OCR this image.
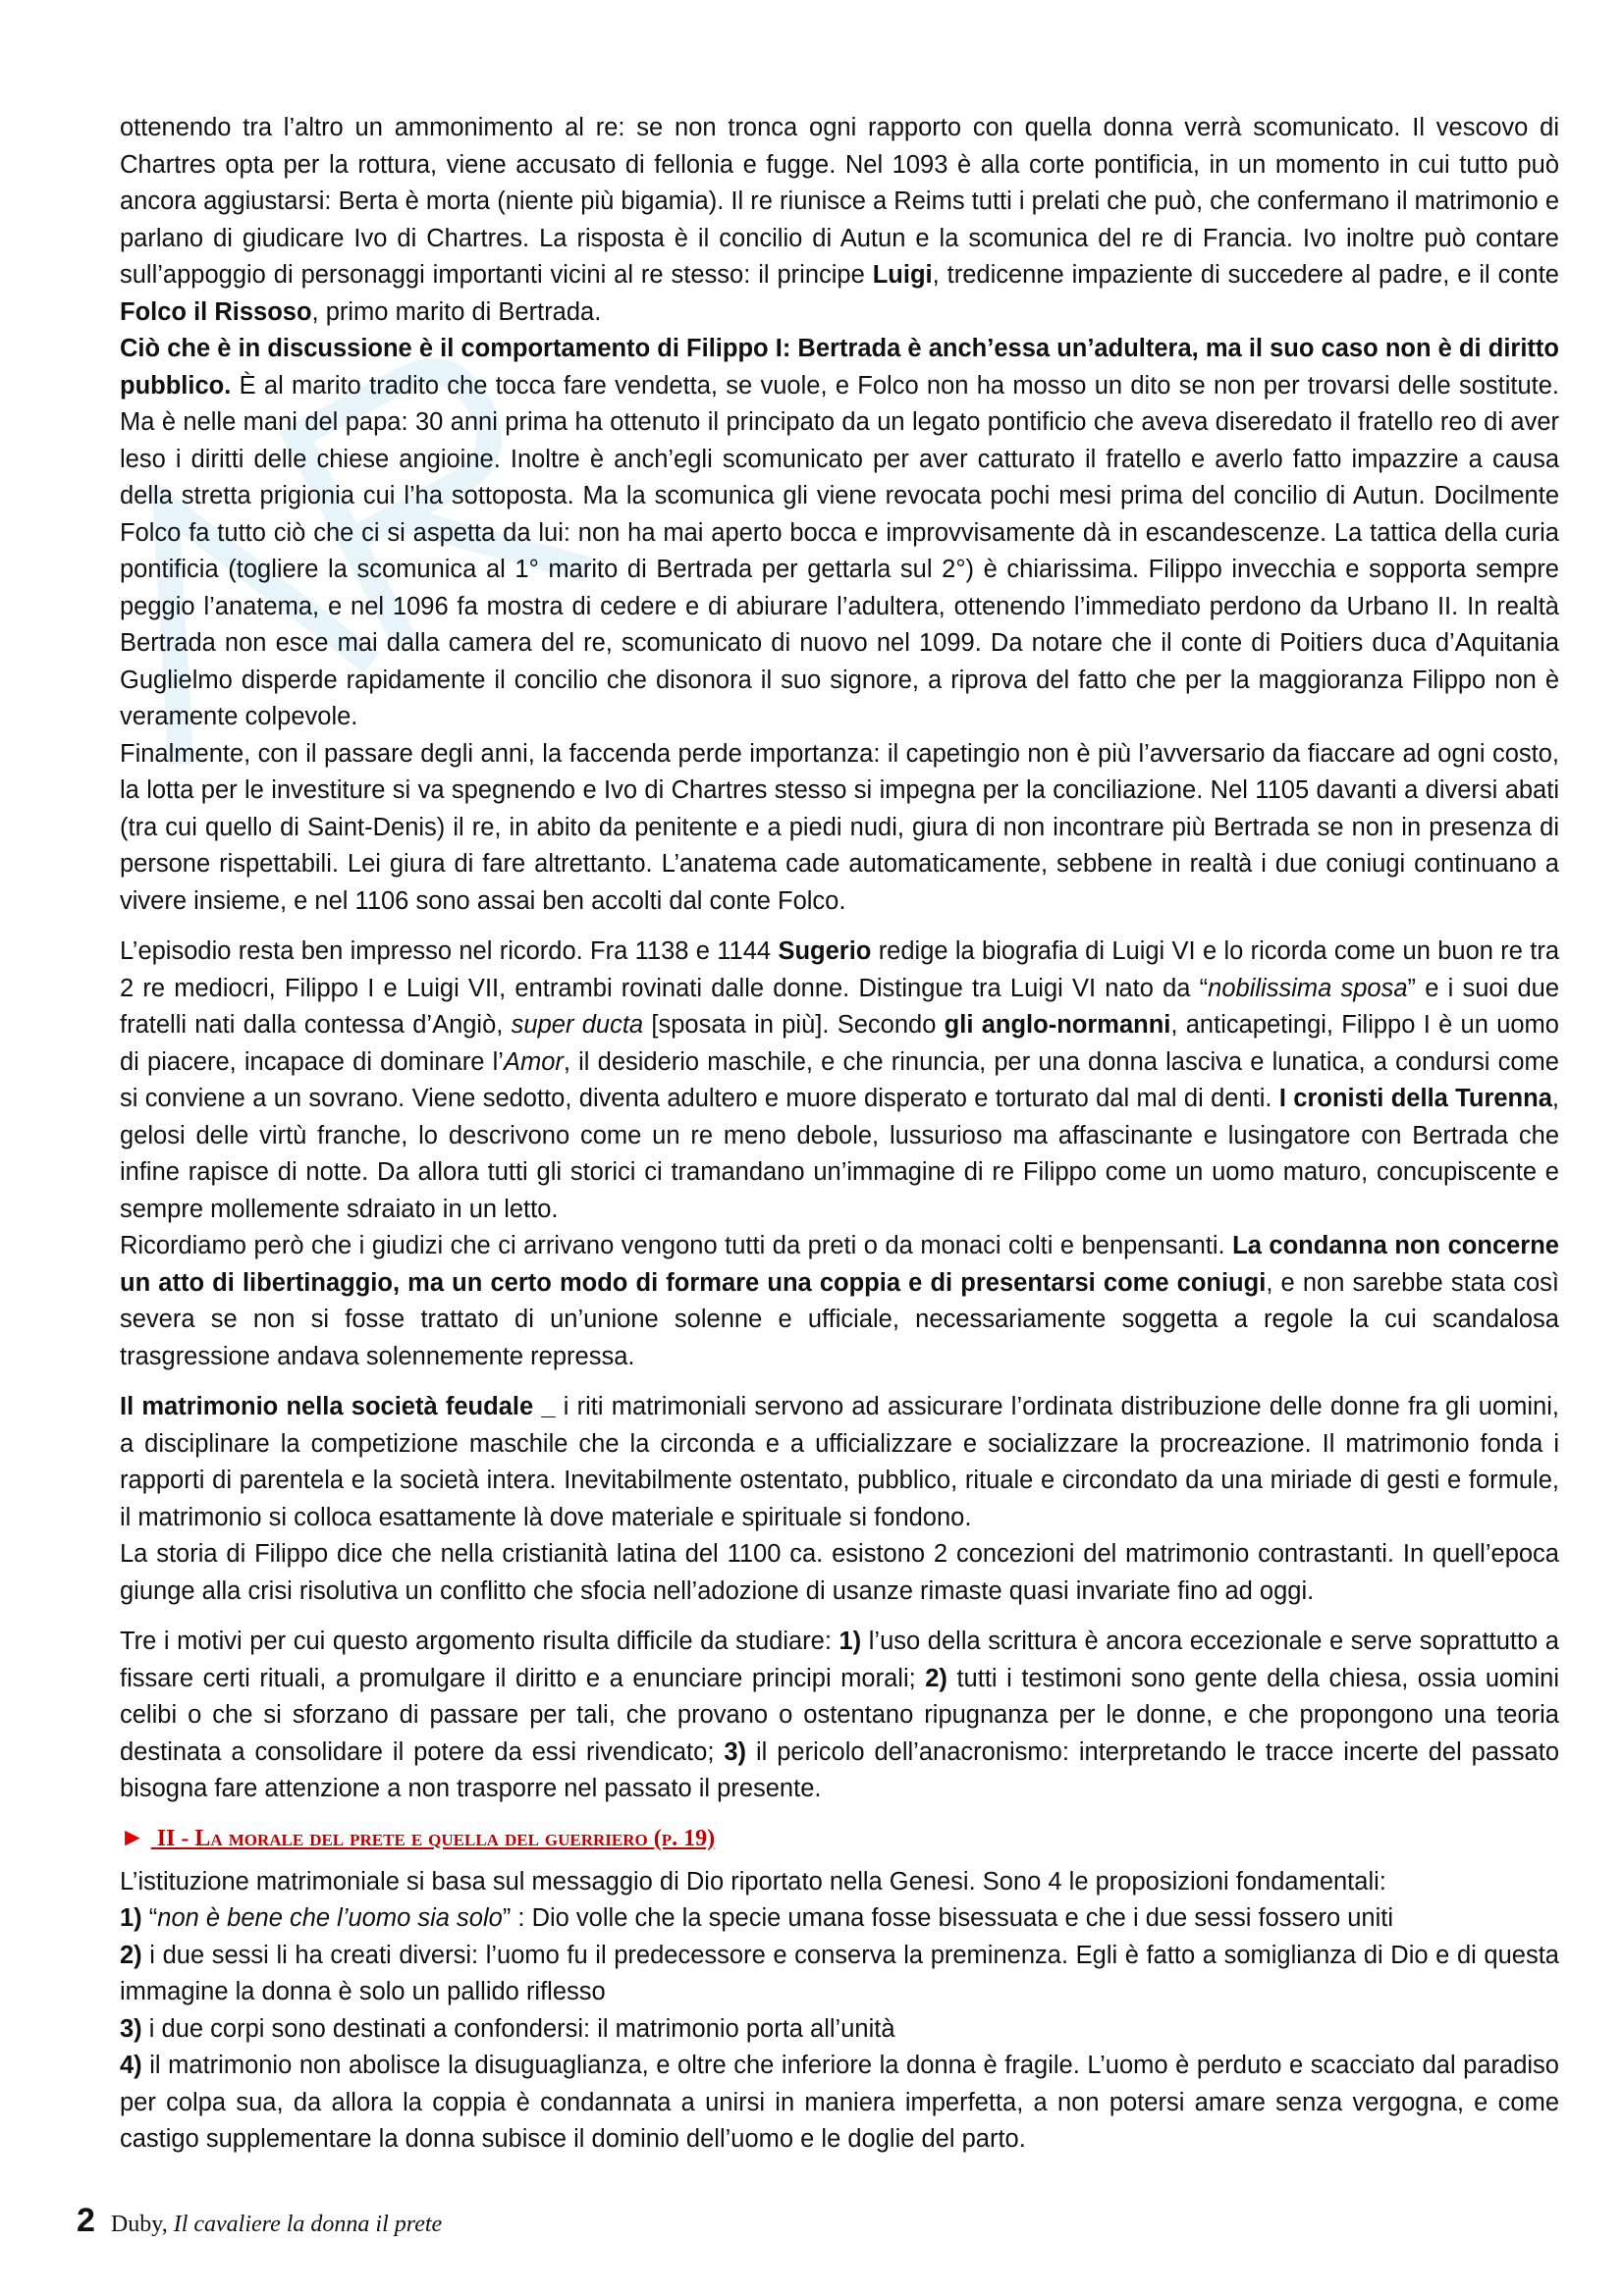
ottenendo tra l’altro un ammonimento al re: se non tronca ogni rapporto con quella donna verrà scomunicato. Il vescovo di Chartres opta per la rottura, viene accusato di fellonia e fugge. Nel 1093 è alla corte pontificia, in un momento in cui tutto può ancora aggiustarsi: Berta è morta (niente più bigamia). Il re riunisce a Reims tutti i prelati che può, che confermano il matrimonio e parlano di giudicare Ivo di Chartres. La risposta è il concilio di Autun e la scomunica del re di Francia. Ivo inoltre può contare sull’appoggio di personaggi importanti vicini al re stesso: il principe Luigi, tredicenne impaziente di succedere al padre, e il conte Folco il Rissoso, primo marito di Bertrada.

Ciò che è in discussione è il comportamento di Filippo I: Bertrada è anch’essa un’adultera, ma il suo caso non è di diritto pubblico. È al marito tradito che tocca fare vendetta, se vuole, e Folco non ha mosso un dito se non per trovarsi delle sostitute. Ma è nelle mani del papa: 30 anni prima ha ottenuto il principato da un legato pontificio che aveva diseredato il fratello reo di aver leso i diritti delle chiese angioine. Inoltre è anch’egli scomunicato per aver catturato il fratello e averlo fatto impazzire a causa della stretta prigionia cui l’ha sottoposta. Ma la scomunica gli viene revocata pochi mesi prima del concilio di Autun. Docilmente Folco fa tutto ciò che ci si aspetta da lui: non ha mai aperto bocca e improvvisamente dà in escandescenze. La tattica della curia pontificia (togliere la scomunica al 1° marito di Bertrada per gettarla sul 2°) è chiarissima. Filippo invecchia e sopporta sempre peggio l’anatema, e nel 1096 fa mostra di cedere e di abiurare l’adultera, ottenendo l’immediato perdono da Urbano II. In realtà Bertrada non esce mai dalla camera del re, scomunicato di nuovo nel 1099. Da notare che il conte di Poitiers duca d’Aquitania Guglielmo disperde rapidamente il concilio che disonora il suo signore, a riprova del fatto che per la maggioranza Filippo non è veramente colpevole.

Finalmente, con il passare degli anni, la faccenda perde importanza: il capetingio non è più l’avversario da fiaccare ad ogni costo, la lotta per le investiture si va spegnendo e Ivo di Chartres stesso si impegna per la conciliazione. Nel 1105 davanti a diversi abati (tra cui quello di Saint-Denis) il re, in abito da penitente e a piedi nudi, giura di non incontrare più Bertrada se non in presenza di persone rispettabili. Lei giura di fare altrettanto. L’anatema cade automaticamente, sebbene in realtà i due coniugi continuano a vivere insieme, e nel 1106 sono assai ben accolti dal conte Folco.

L’episodio resta ben impresso nel ricordo. Fra 1138 e 1144 Sugerio redige la biografia di Luigi VI e lo ricorda come un buon re tra 2 re mediocri, Filippo I e Luigi VII, entrambi rovinati dalle donne. Distingue tra Luigi VI nato da “nobilissima sposa” e i suoi due fratelli nati dalla contessa d’Angiò, super ducta [sposata in più]. Secondo gli anglo-normanni, anticapetingi, Filippo I è un uomo di piacere, incapace di dominare l’Amor, il desiderio maschile, e che rinuncia, per una donna lasciva e lunatica, a condursi come si conviene a un sovrano. Viene sedotto, diventa adultero e muore disperato e torturato dal mal di denti. I cronisti della Turenna, gelosi delle virtù franche, lo descrivono come un re meno debole, lussurioso ma affascinante e lusingatore con Bertrada che infine rapisce di notte. Da allora tutti gli storici ci tramandano un’immagine di re Filippo come un uomo maturo, concupiscente e sempre mollemente sdraiato in un letto.

Ricordiamo però che i giudizi che ci arrivano vengono tutti da preti o da monaci colti e benpensanti. La condanna non concerne un atto di libertinaggio, ma un certo modo di formare una coppia e di presentarsi come coniugi, e non sarebbe stata così severa se non si fosse trattato di un’unione solenne e ufficiale, necessariamente soggetta a regole la cui scandalosa trasgressione andava solennemente repressa.

Il matrimonio nella società feudale _ i riti matrimoniali servono ad assicurare l’ordinata distribuzione delle donne fra gli uomini, a disciplinare la competizione maschile che la circonda e a ufficializzare e socializzare la procreazione. Il matrimonio fonda i rapporti di parentela e la società intera. Inevitabilmente ostentato, pubblico, rituale e circondato da una miriade di gesti e formule, il matrimonio si colloca esattamente là dove materiale e spirituale si fondono.

La storia di Filippo dice che nella cristianità latina del 1100 ca. esistono 2 concezioni del matrimonio contrastanti. In quell’epoca giunge alla crisi risolutiva un conflitto che sfocia nell’adozione di usanze rimaste quasi invariate fino ad oggi.

Tre i motivi per cui questo argomento risulta difficile da studiare: 1) l’uso della scrittura è ancora eccezionale e serve soprattutto a fissare certi rituali, a promulgare il diritto e a enunciare principi morali; 2) tutti i testimoni sono gente della chiesa, ossia uomini celibi o che si sforzano di passare per tali, che provano o ostentano ripugnanza per le donne, e che propongono una teoria destinata a consolidare il potere da essi rivendicato; 3) il pericolo dell’anacronismo: interpretando le tracce incerte del passato bisogna fare attenzione a non trasporre nel passato il presente.

► II - La morale del prete e quella del guerriero (p. 19)

L’istituzione matrimoniale si basa sul messaggio di Dio riportato nella Genesi. Sono 4 le proposizioni fondamentali:

1) “non è bene che l’uomo sia solo” : Dio volle che la specie umana fosse bisessuata e che i due sessi fossero uniti

2) i due sessi li ha creati diversi: l’uomo fu il predecessore e conserva la preminenza. Egli è fatto a somiglianza di Dio e di questa immagine la donna è solo un pallido riflesso

3) i due corpi sono destinati a confondersi: il matrimonio porta all’unità

4) il matrimonio non abolisce la disuguaglianza, e oltre che inferiore la donna è fragile. L’uomo è perduto e scacciato dal paradiso per colpa sua, da allora la coppia è condannata a unirsi in maniera imperfetta, a non potersi amare senza vergogna, e come castigo supplementare la donna subisce il dominio dell’uomo e le doglie del parto.

2 Duby, Il cavaliere la donna il prete
